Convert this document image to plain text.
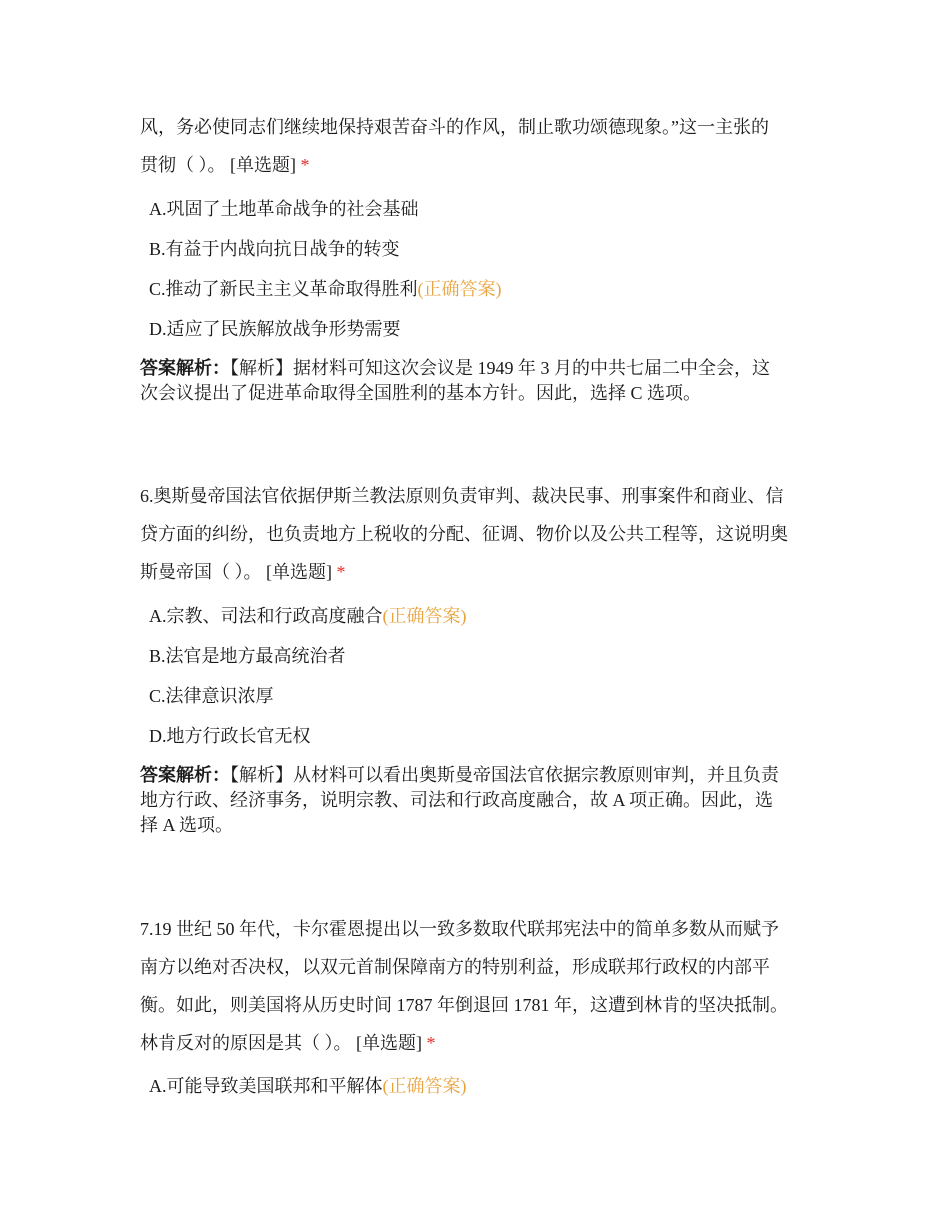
风，务必使同志们继续地保持艰苦奋斗的作风，制止歌功颂德现象。”这一主张的
贯彻（ ）。 [单选题] *
A.巩固了土地革命战争的社会基础
B.有益于内战向抗日战争的转变
C.推动了新民主主义革命取得胜利(正确答案)
D.适应了民族解放战争形势需要
答案解析：【解析】据材料可知这次会议是 1949 年 3 月的中共七届二中全会，这
次会议提出了促进革命取得全国胜利的基本方针。因此，选择 C 选项。
6.奥斯曼帝国法官依据伊斯兰教法原则负责审判、裁决民事、刑事案件和商业、信
贷方面的纠纷，也负责地方上税收的分配、征调、物价以及公共工程等，这说明奥
斯曼帝国（ ）。 [单选题] *
A.宗教、司法和行政高度融合(正确答案)
B.法官是地方最高统治者
C.法律意识浓厚
D.地方行政长官无权
答案解析：【解析】从材料可以看出奥斯曼帝国法官依据宗教原则审判，并且负责
地方行政、经济事务，说明宗教、司法和行政高度融合，故 A 项正确。因此，选
择 A 选项。
7.19 世纪 50 年代，卡尔霍恩提出以一致多数取代联邦宪法中的简单多数从而赋予
南方以绝对否决权，以双元首制保障南方的特别利益，形成联邦行政权的内部平
衡。如此，则美国将从历史时间 1787 年倒退回 1781 年，这遭到林肯的坚决抵制。
林肯反对的原因是其（ ）。 [单选题] *
A.可能导致美国联邦和平解体(正确答案)
